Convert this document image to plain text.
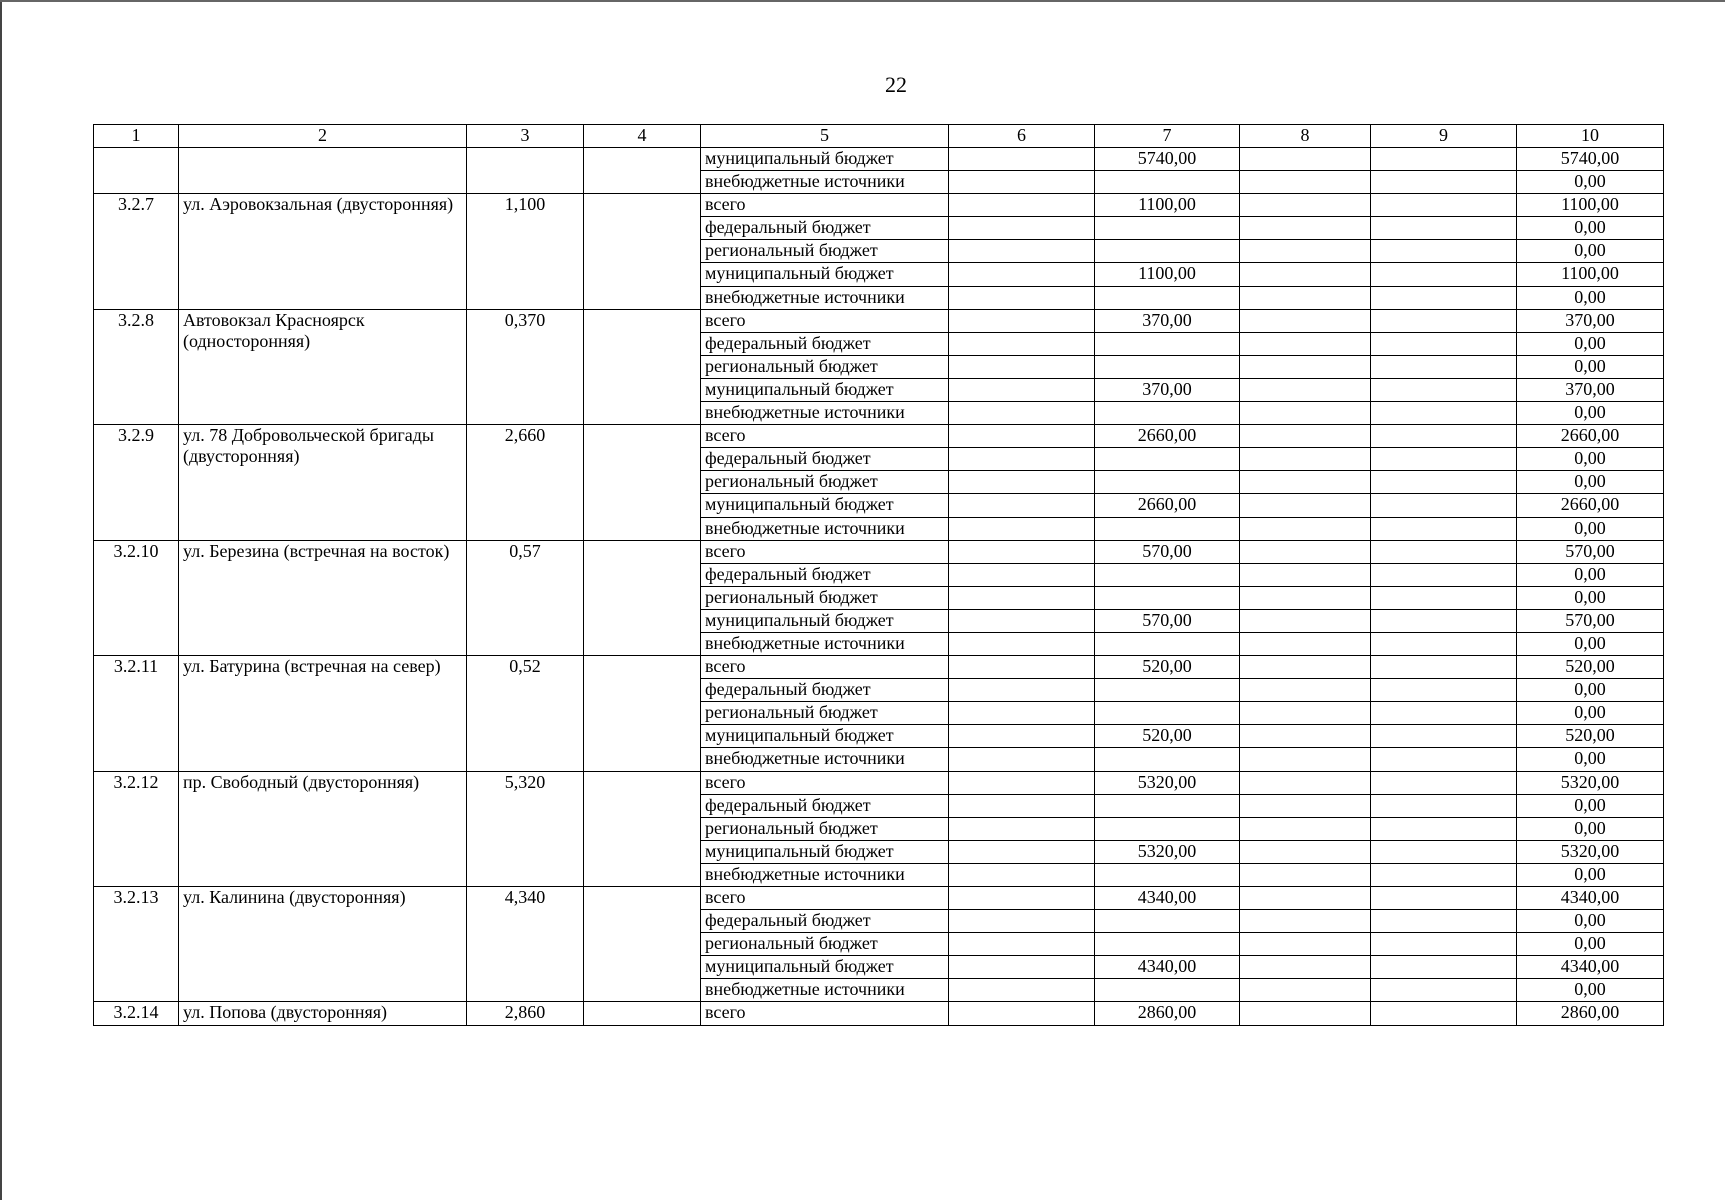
22
1	2	3	4	5	6	7	8	9	10
				муниципальный бюджет		5740,00			5740,00
				внебюджетные источники					0,00
3.2.7	ул. Аэровокзальная (двусторонняя)	1,100		всего		1100,00			1100,00
				федеральный бюджет					0,00
				региональный бюджет					0,00
				муниципальный бюджет		1100,00			1100,00
				внебюджетные источники					0,00
3.2.8	Автовокзал Красноярск (односторонняя)	0,370		всего		370,00			370,00
				федеральный бюджет					0,00
				региональный бюджет					0,00
				муниципальный бюджет		370,00			370,00
				внебюджетные источники					0,00
3.2.9	ул. 78 Добровольческой бригады (двусторонняя)	2,660		всего		2660,00			2660,00
				федеральный бюджет					0,00
				региональный бюджет					0,00
				муниципальный бюджет		2660,00			2660,00
				внебюджетные источники					0,00
3.2.10	ул. Березина (встречная на восток)	0,57		всего		570,00			570,00
				федеральный бюджет					0,00
				региональный бюджет					0,00
				муниципальный бюджет		570,00			570,00
				внебюджетные источники					0,00
3.2.11	ул. Батурина (встречная на север)	0,52		всего		520,00			520,00
				федеральный бюджет					0,00
				региональный бюджет					0,00
				муниципальный бюджет		520,00			520,00
				внебюджетные источники					0,00
3.2.12	пр. Свободный (двусторонняя)	5,320		всего		5320,00			5320,00
				федеральный бюджет					0,00
				региональный бюджет					0,00
				муниципальный бюджет		5320,00			5320,00
				внебюджетные источники					0,00
3.2.13	ул. Калинина (двусторонняя)	4,340		всего		4340,00			4340,00
				федеральный бюджет					0,00
				региональный бюджет					0,00
				муниципальный бюджет		4340,00			4340,00
				внебюджетные источники					0,00
3.2.14	ул. Попова (двусторонняя)	2,860		всего		2860,00			2860,00
